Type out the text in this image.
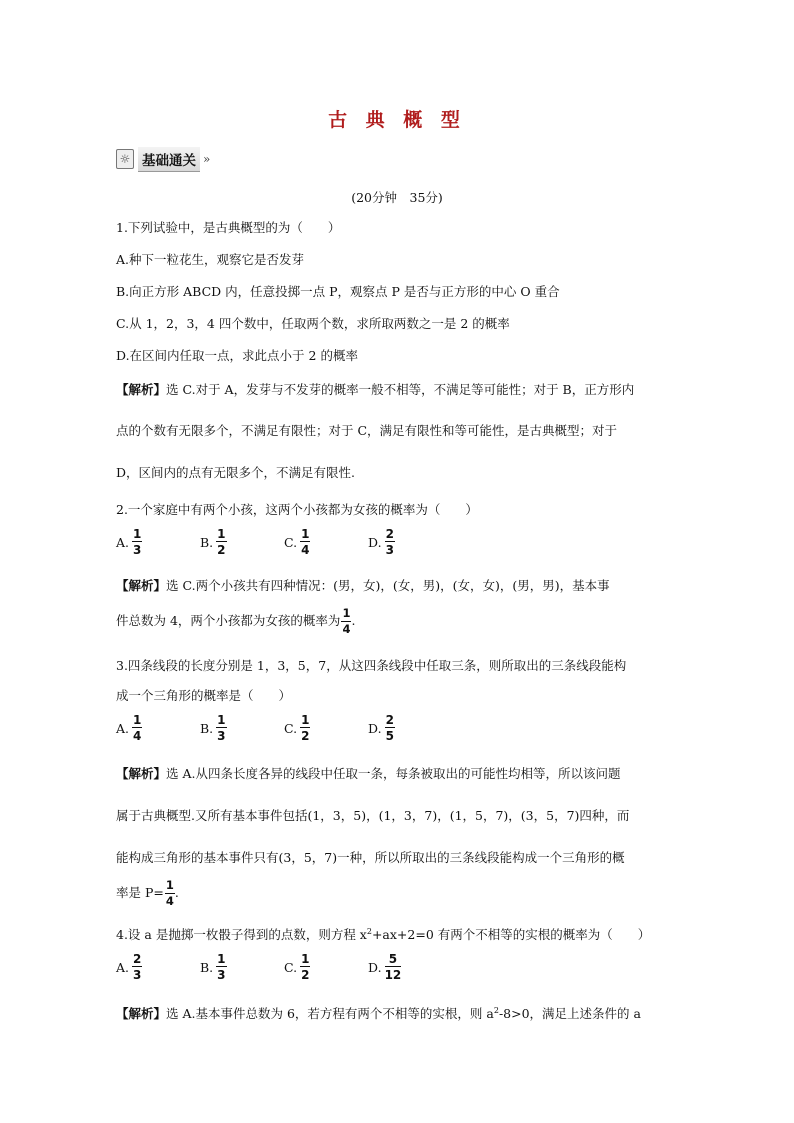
古 典 概 型
☼ 基础通关 »
(20分钟　35分)
1.下列试验中，是古典概型的为（　　）
A.种下一粒花生，观察它是否发芽
B.向正方形 ABCD 内，任意投掷一点 P，观察点 P 是否与正方形的中心 O 重合
C.从 1，2，3，4 四个数中，任取两个数，求所取两数之一是 2 的概率
D.在区间内任取一点，求此点小于 2 的概率
【解析】选 C.对于 A，发芽与不发芽的概率一般不相等，不满足等可能性；对于 B，正方形内
点的个数有无限多个，不满足有限性；对于 C，满足有限性和等可能性，是古典概型；对于
D，区间内的点有无限多个，不满足有限性.
2.一个家庭中有两个小孩，这两个小孩都为女孩的概率为（　　）
A. $\frac{1}{3}$	B. $\frac{1}{2}$	C. $\frac{1}{4}$	D. $\frac{2}{3}$
【解析】选 C.两个小孩共有四种情况：(男，女)，(女，男)，(女，女)，(男，男)，基本事
件总数为 4，两个小孩都为女孩的概率为 $\frac{1}{4}$ .
3.四条线段的长度分别是 1，3，5，7，从这四条线段中任取三条，则所取出的三条线段能构
成一个三角形的概率是（　　）
A. $\frac{1}{4}$	B. $\frac{1}{3}$	C. $\frac{1}{2}$	D. $\frac{2}{5}$
【解析】选 A.从四条长度各异的线段中任取一条，每条被取出的可能性均相等，所以该问题
属于古典概型.又所有基本事件包括(1，3，5)，(1，3，7)，(1，5，7)，(3，5，7)四种，而
能构成三角形的基本事件只有(3，5，7)一种，所以所取出的三条线段能构成一个三角形的概
率是 $P= \frac{1}{4}$ .
4.设 a 是抛掷一枚骰子得到的点数，则方程 $x^2+ax+2=0$ 有两个不相等的实根的概率为（　　）
A. $\frac{2}{3}$	B. $\frac{1}{3}$	C. $\frac{1}{2}$	D. $\frac{5}{12}$
【解析】选 A.基本事件总数为 6，若方程有两个不相等的实根，则 $a^2-8>0$，满足上述条件的 a
